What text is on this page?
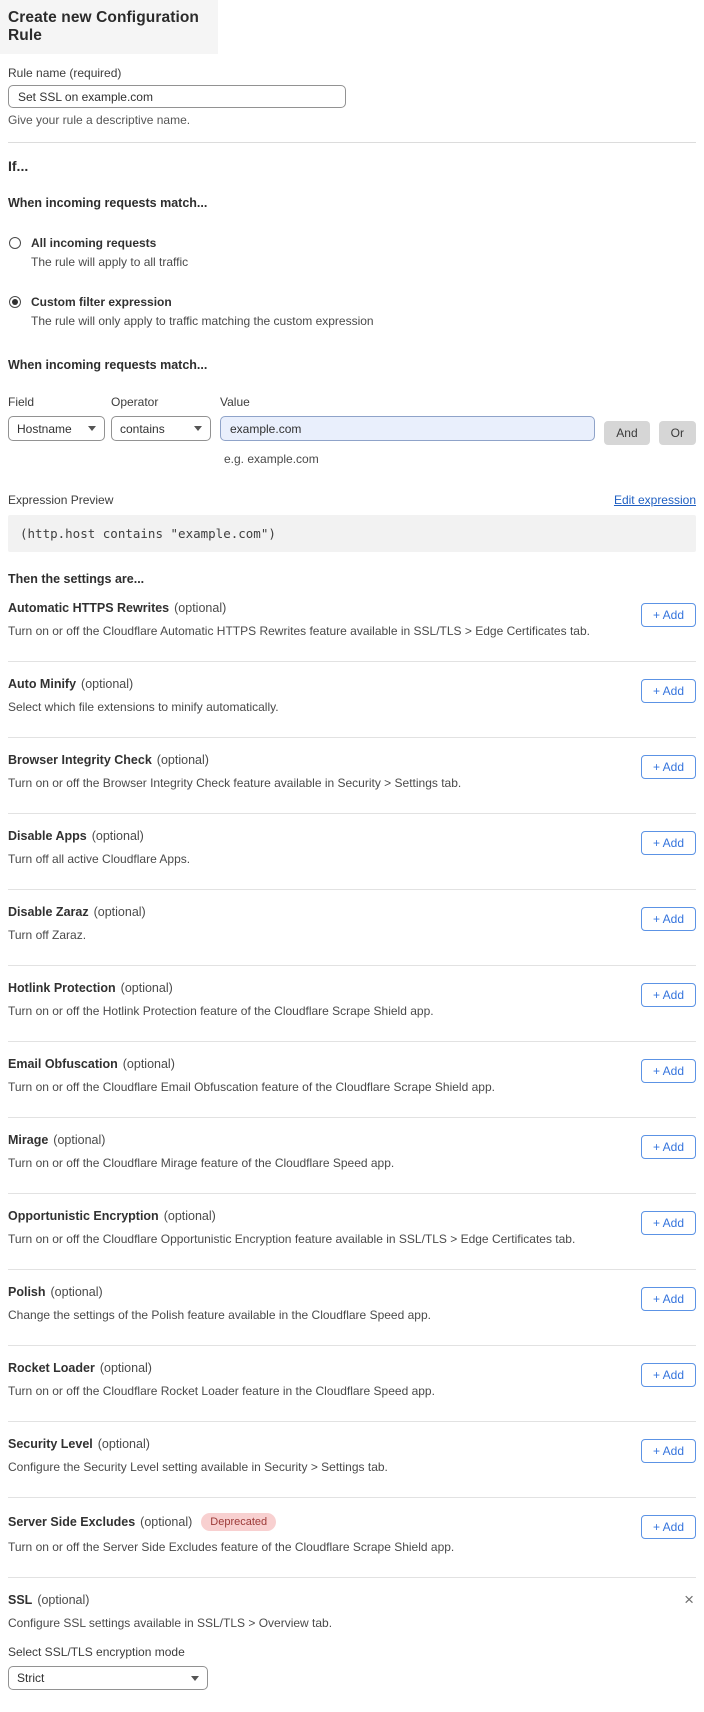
Create new Configuration Rule
Rule name (required)
Set SSL on example.com
Give your rule a descriptive name.
If...
When incoming requests match...
All incoming requests
The rule will apply to all traffic
Custom filter expression
The rule will only apply to traffic matching the custom expression
When incoming requests match...
Field
Hostname
Operator
contains
Value
example.com
And	Or
e.g. example.com
Expression Preview	Edit expression
(http.host contains "example.com")
Then the settings are...
Automatic HTTPS Rewrites (optional)
Turn on or off the Cloudflare Automatic HTTPS Rewrites feature available in SSL/TLS > Edge Certificates tab.
+ Add
Auto Minify (optional)
Select which file extensions to minify automatically.
+ Add
Browser Integrity Check (optional)
Turn on or off the Browser Integrity Check feature available in Security > Settings tab.
+ Add
Disable Apps (optional)
Turn off all active Cloudflare Apps.
+ Add
Disable Zaraz (optional)
Turn off Zaraz.
+ Add
Hotlink Protection (optional)
Turn on or off the Hotlink Protection feature of the Cloudflare Scrape Shield app.
+ Add
Email Obfuscation (optional)
Turn on or off the Cloudflare Email Obfuscation feature of the Cloudflare Scrape Shield app.
+ Add
Mirage (optional)
Turn on or off the Cloudflare Mirage feature of the Cloudflare Speed app.
+ Add
Opportunistic Encryption (optional)
Turn on or off the Cloudflare Opportunistic Encryption feature available in SSL/TLS > Edge Certificates tab.
+ Add
Polish (optional)
Change the settings of the Polish feature available in the Cloudflare Speed app.
+ Add
Rocket Loader (optional)
Turn on or off the Cloudflare Rocket Loader feature in the Cloudflare Speed app.
+ Add
Security Level (optional)
Configure the Security Level setting available in Security > Settings tab.
+ Add
Server Side Excludes (optional)	Deprecated
Turn on or off the Server Side Excludes feature of the Cloudflare Scrape Shield app.
+ Add
SSL (optional)	×
Configure SSL settings available in SSL/TLS > Overview tab.
Select SSL/TLS encryption mode
Strict
